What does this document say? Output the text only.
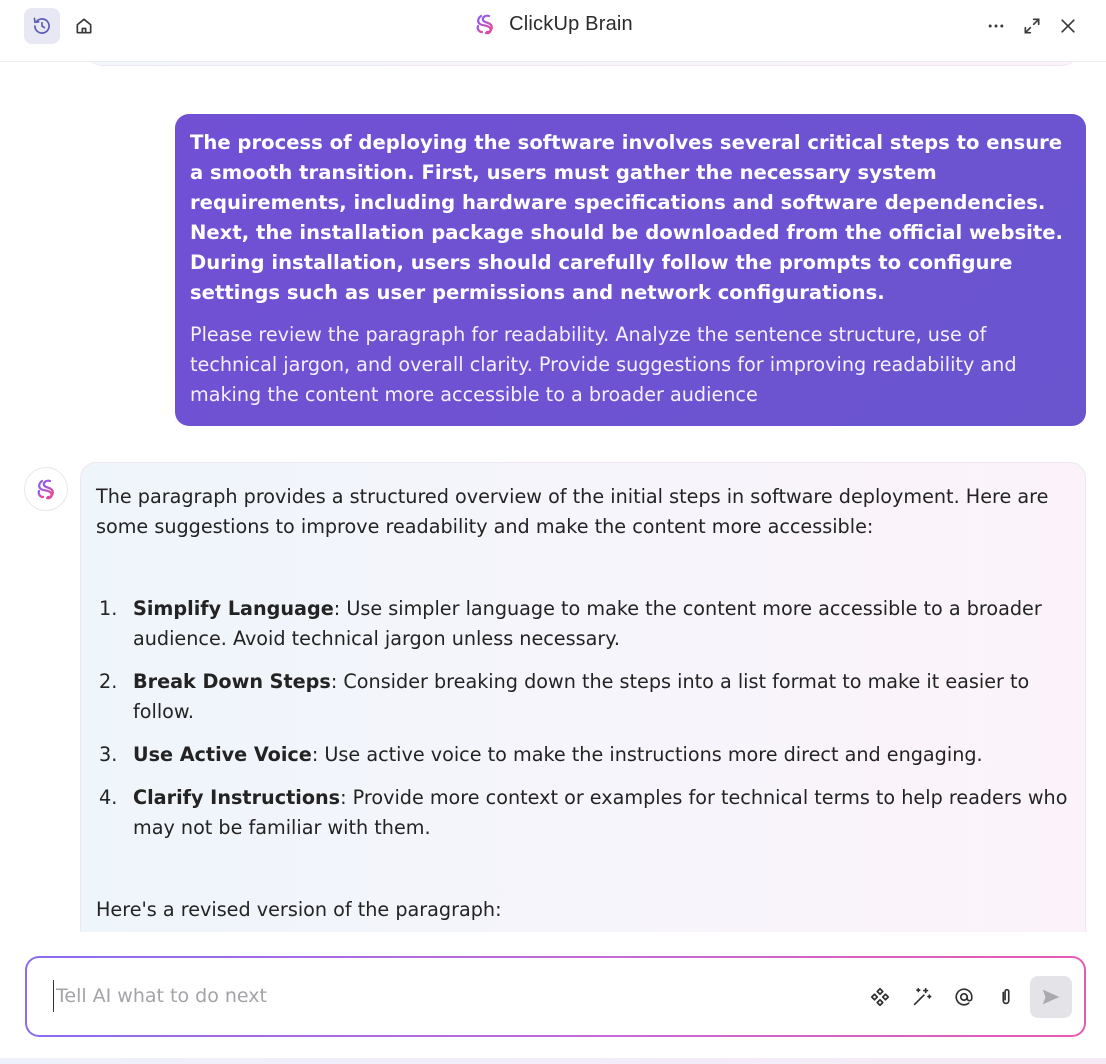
ClickUp Brain
The process of deploying the software involves several critical steps to ensure a smooth transition. First, users must gather the necessary system requirements, including hardware specifications and software dependencies. Next, the installation package should be downloaded from the official website. During installation, users should carefully follow the prompts to configure settings such as user permissions and network configurations.
Please review the paragraph for readability. Analyze the sentence structure, use of technical jargon, and overall clarity. Provide suggestions for improving readability and making the content more accessible to a broader audience

The paragraph provides a structured overview of the initial steps in software deployment. Here are some suggestions to improve readability and make the content more accessible:

1. Simplify Language: Use simpler language to make the content more accessible to a broader audience. Avoid technical jargon unless necessary.
2. Break Down Steps: Consider breaking down the steps into a list format to make it easier to follow.
3. Use Active Voice: Use active voice to make the instructions more direct and engaging.
4. Clarify Instructions: Provide more context or examples for technical terms to help readers who may not be familiar with them.

Here's a revised version of the paragraph:

Tell AI what to do next
